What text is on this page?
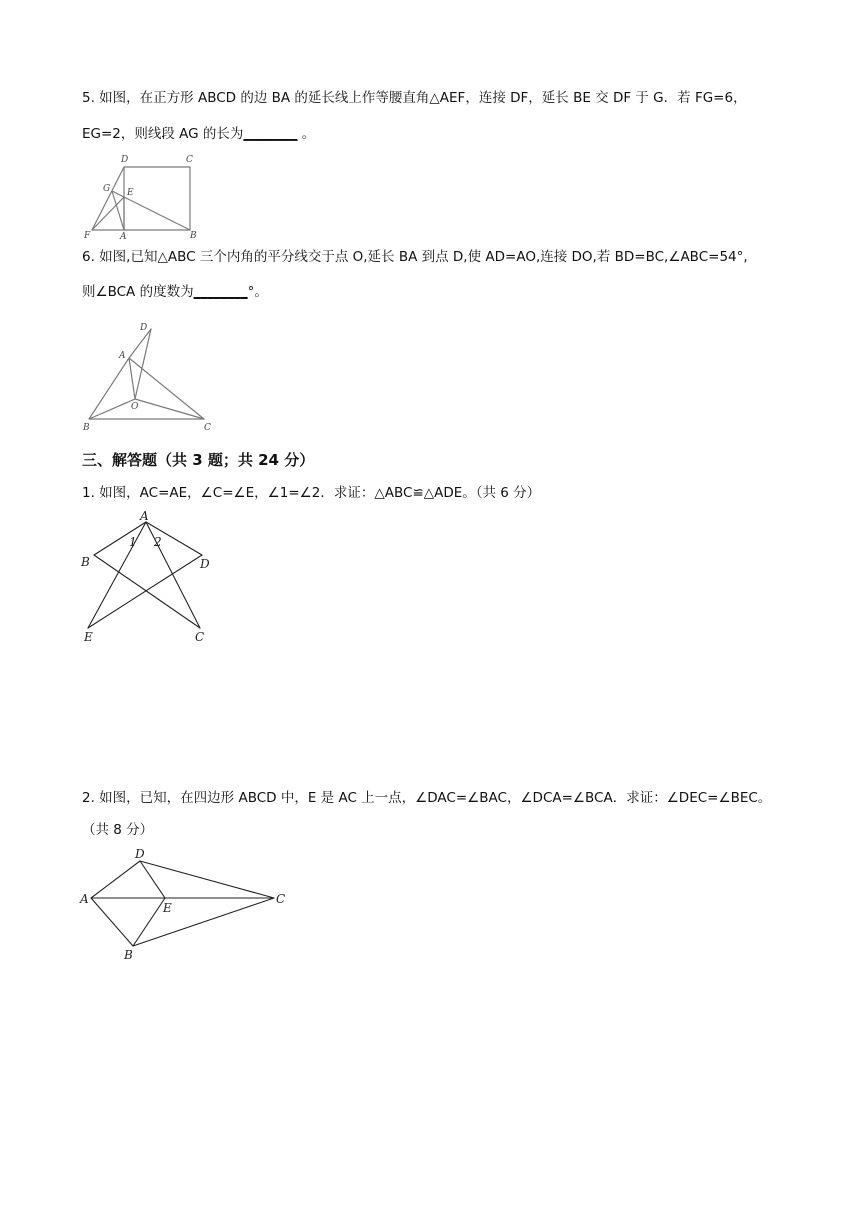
5. 如图，在正方形 ABCD 的边 BA 的延长线上作等腰直角△AEF，连接 DF，延长 BE 交 DF 于 G．若 FG=6，
EG=2，则线段 AG 的长为________ 。
D	C
G E
F	A	B
6. 如图,已知△ABC 三个内角的平分线交于点 O,延长 BA 到点 D,使 AD=AO,连接 DO,若 BD=BC,∠ABC=54°,
则∠BCA 的度数为________°。
D
A
O
B	C
三、解答题（共 3 题；共 24 分）
1. 如图，AC=AE，∠C=∠E，∠1=∠2．求证：△ABC≌△ADE。（共 6 分）
A
1 2
B	D
E	C
2. 如图，已知，在四边形 ABCD 中，E 是 AC 上一点，∠DAC=∠BAC，∠DCA=∠BCA．求证：∠DEC=∠BEC。
（共 8 分）
D
A
E
C
B
